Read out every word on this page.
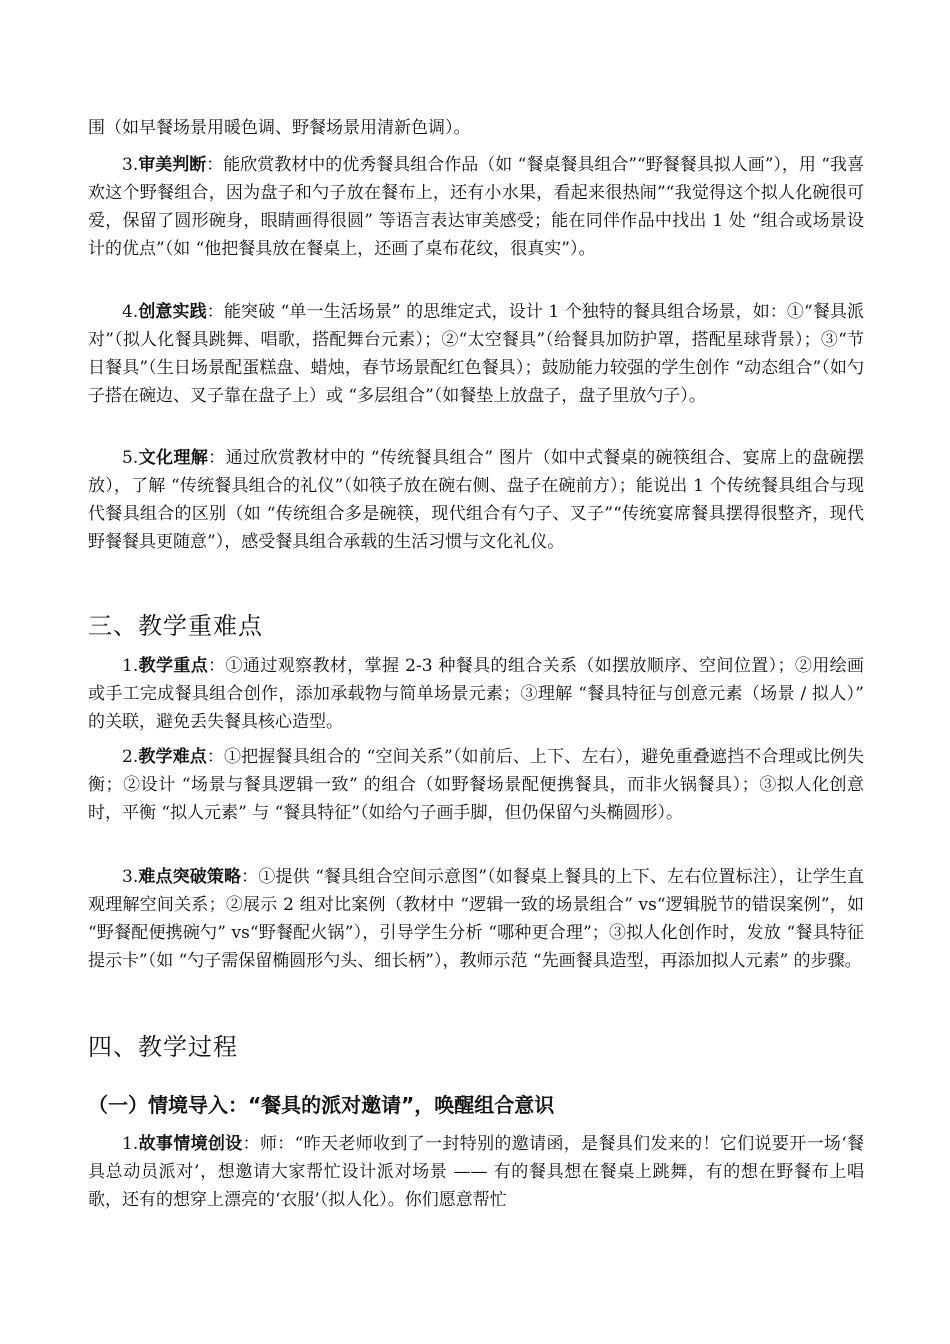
围（如早餐场景用暖色调、野餐场景用清新色调）。

3.审美判断：能欣赏教材中的优秀餐具组合作品（如 “餐桌餐具组合”“野餐餐具拟人画”），用 “我喜欢这个野餐组合，因为盘子和勺子放在餐布上，还有小水果，看起来很热闹”“我觉得这个拟人化碗很可爱，保留了圆形碗身，眼睛画得很圆” 等语言表达审美感受；能在同伴作品中找出 1 处 “组合或场景设计的优点”（如 “他把餐具放在餐桌上，还画了桌布花纹，很真实”）。

4.创意实践：能突破 “单一生活场景” 的思维定式，设计 1 个独特的餐具组合场景，如：①“餐具派对”（拟人化餐具跳舞、唱歌，搭配舞台元素）；②“太空餐具”（给餐具加防护罩，搭配星球背景）；③“节日餐具”（生日场景配蛋糕盘、蜡烛，春节场景配红色餐具）；鼓励能力较强的学生创作 “动态组合”（如勺子搭在碗边、叉子靠在盘子上）或 “多层组合”（如餐垫上放盘子，盘子里放勺子）。

5.文化理解：通过欣赏教材中的 “传统餐具组合” 图片（如中式餐桌的碗筷组合、宴席上的盘碗摆放），了解 “传统餐具组合的礼仪”（如筷子放在碗右侧、盘子在碗前方）；能说出 1 个传统餐具组合与现代餐具组合的区别（如 “传统组合多是碗筷，现代组合有勺子、叉子”“传统宴席餐具摆得很整齐，现代野餐餐具更随意”），感受餐具组合承载的生活习惯与文化礼仪。

三、教学重难点

1.教学重点：①通过观察教材，掌握 2-3 种餐具的组合关系（如摆放顺序、空间位置）；②用绘画或手工完成餐具组合创作，添加承载物与简单场景元素；③理解 “餐具特征与创意元素（场景 / 拟人）” 的关联，避免丢失餐具核心造型。

2.教学难点：①把握餐具组合的 “空间关系”（如前后、上下、左右），避免重叠遮挡不合理或比例失衡；②设计 “场景与餐具逻辑一致” 的组合（如野餐场景配便携餐具，而非火锅餐具）；③拟人化创意时，平衡 “拟人元素” 与 “餐具特征”（如给勺子画手脚，但仍保留勺头椭圆形）。

3.难点突破策略：①提供 “餐具组合空间示意图”（如餐桌上餐具的上下、左右位置标注），让学生直观理解空间关系；②展示 2 组对比案例（教材中 “逻辑一致的场景组合” vs“逻辑脱节的错误案例”，如 “野餐配便携碗勺” vs“野餐配火锅”），引导学生分析 “哪种更合理”；③拟人化创作时，发放 “餐具特征提示卡”（如 “勺子需保留椭圆形勺头、细长柄”），教师示范 “先画餐具造型，再添加拟人元素” 的步骤。

四、教学过程
（一）情境导入：“餐具的派对邀请”，唤醒组合意识

1.故事情境创设：师：“昨天老师收到了一封特别的邀请函，是餐具们发来的！它们说要开一场‘餐具总动员派对’，想邀请大家帮忙设计派对场景 —— 有的餐具想在餐桌上跳舞，有的想在野餐布上唱歌，还有的想穿上漂亮的‘衣服’（拟人化）。你们愿意帮忙
